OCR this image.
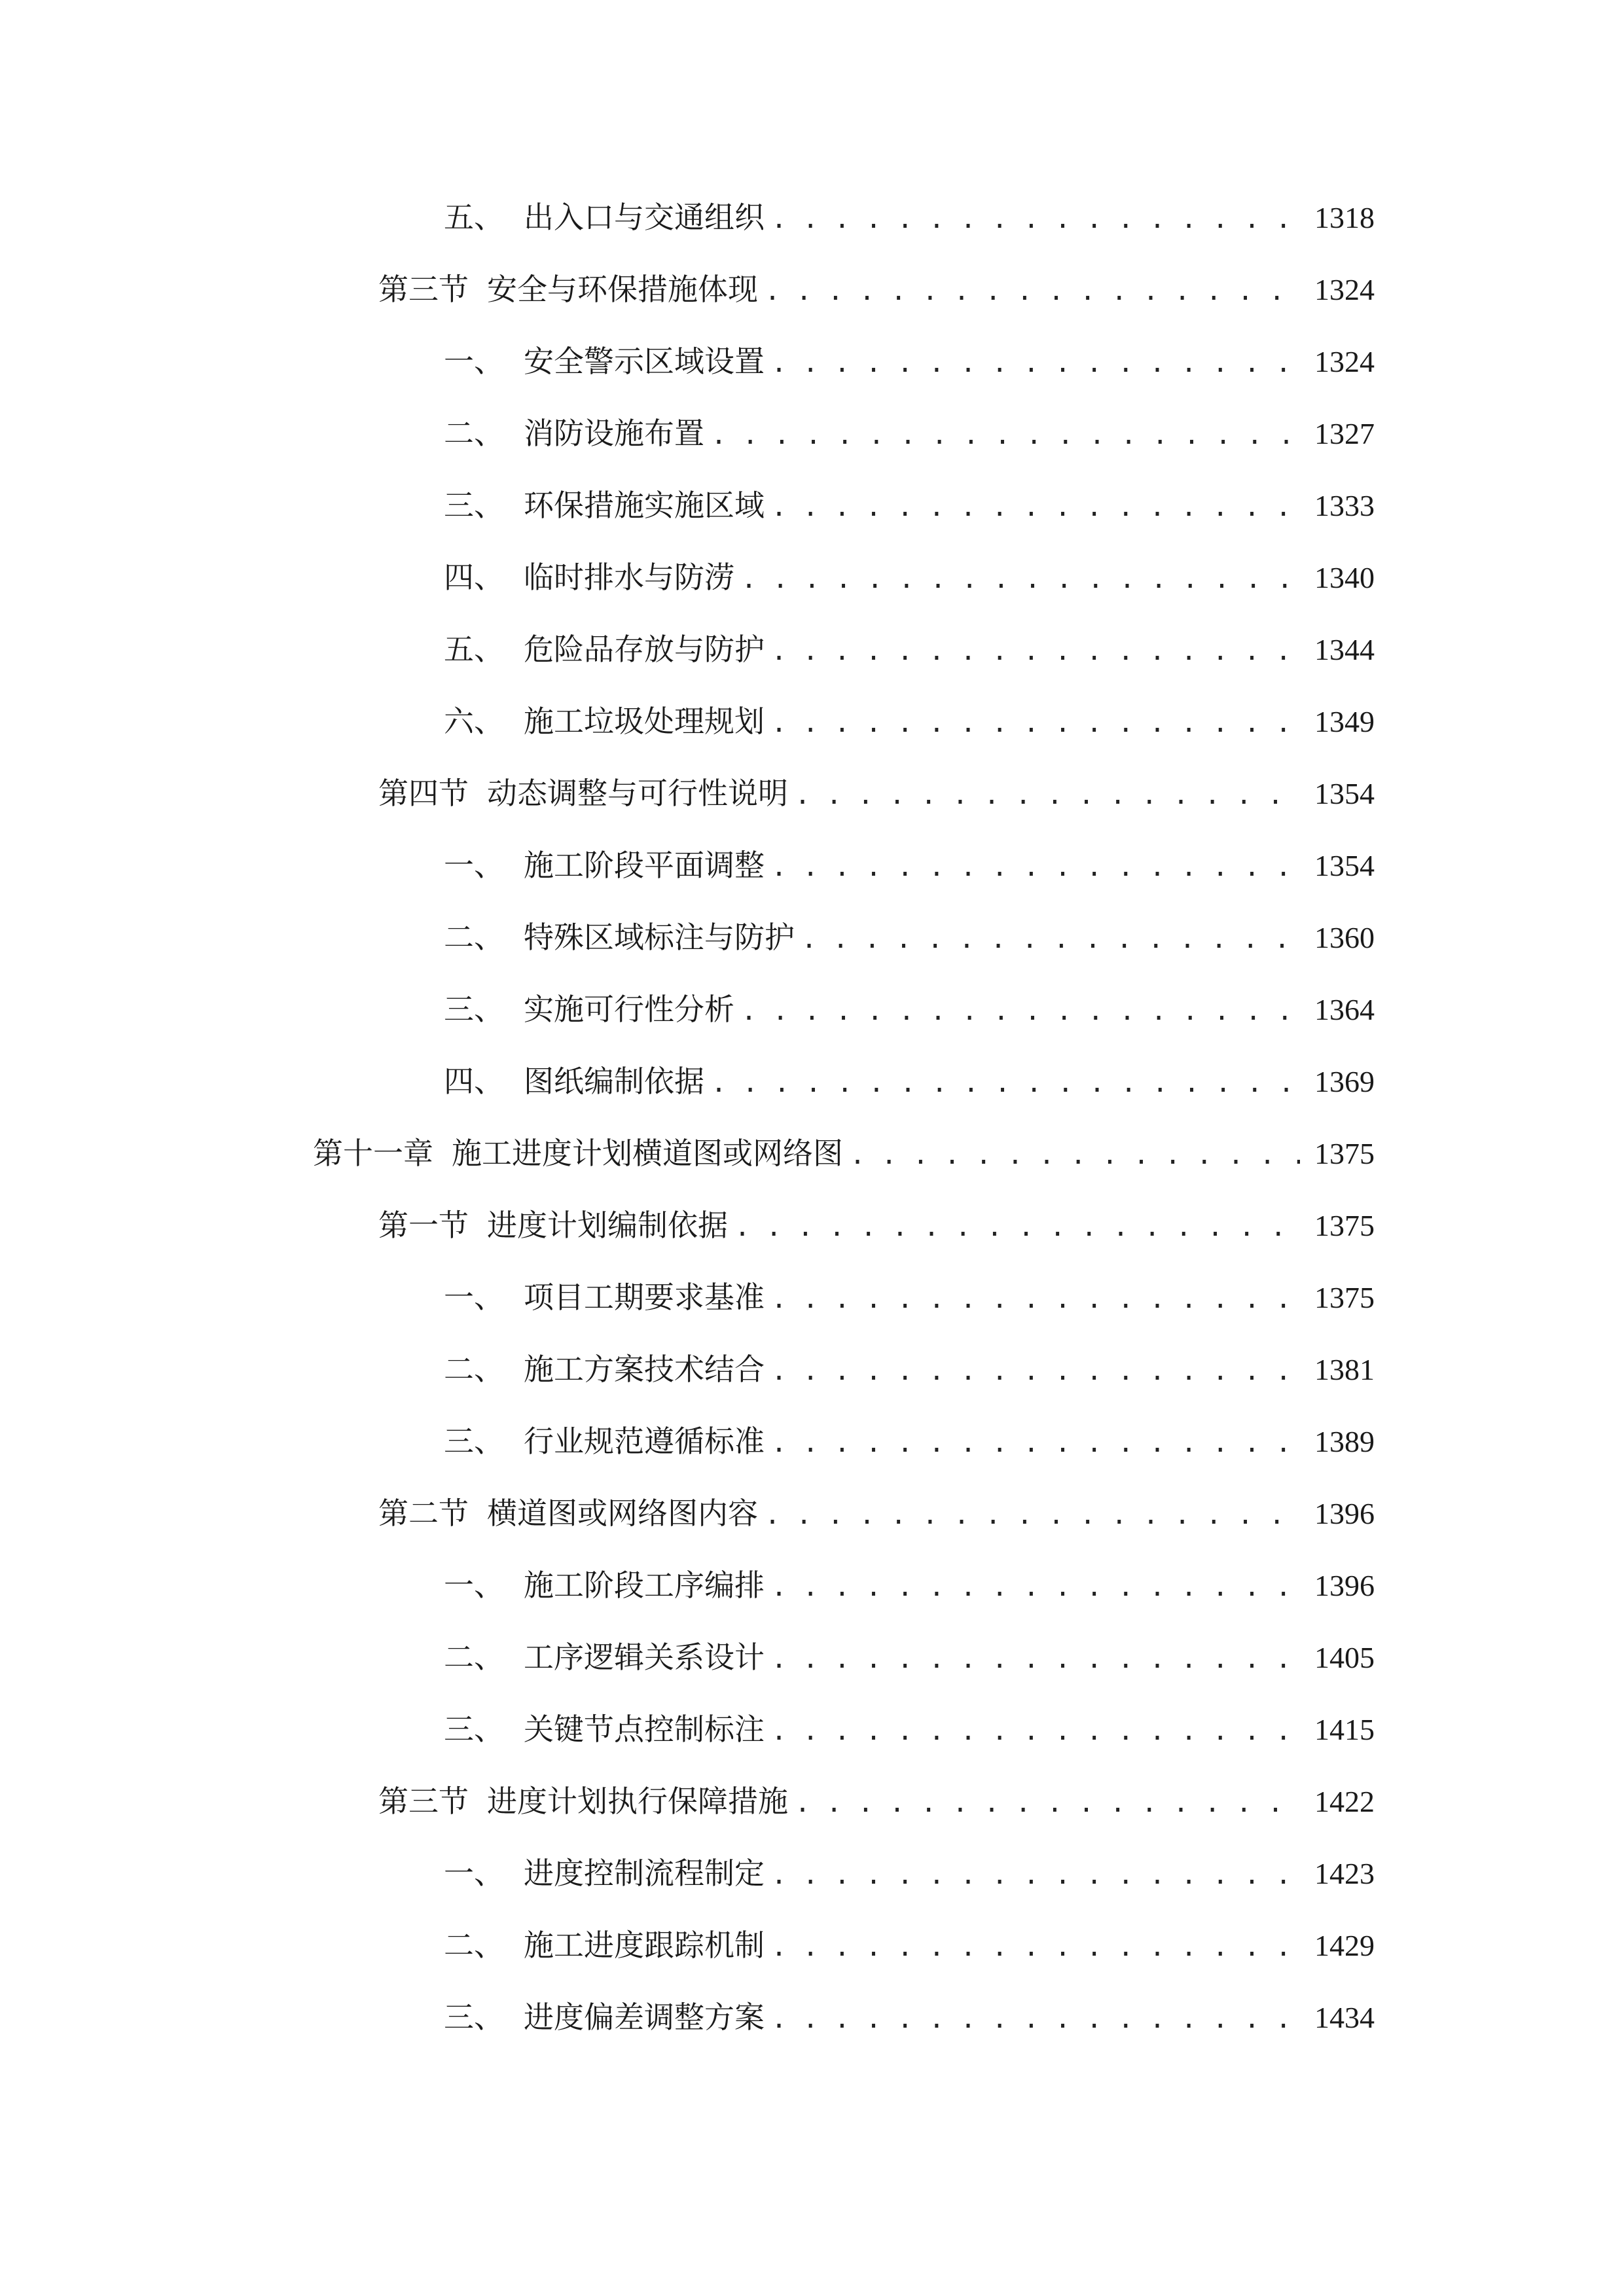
五、 出入口与交通组织 . . .	1318
第三节 安全与环保措施体现 . . .	1324
一、 安全警示区域设置 . . .	1324
二、 消防设施布置 . . .	1327
三、 环保措施实施区域 . . .	1333
四、 临时排水与防涝 . . .	1340
五、 危险品存放与防护 . . .	1344
六、 施工垃圾处理规划 . . .	1349
第四节 动态调整与可行性说明 . . .	1354
一、 施工阶段平面调整 . . .	1354
二、 特殊区域标注与防护 . . .	1360
三、 实施可行性分析 . . .	1364
四、 图纸编制依据 . . .	1369
第十一章 施工进度计划横道图或网络图 . . .	1375
第一节 进度计划编制依据 . . .	1375
一、 项目工期要求基准 . . .	1375
二、 施工方案技术结合 . . .	1381
三、 行业规范遵循标准 . . .	1389
第二节 横道图或网络图内容 . . .	1396
一、 施工阶段工序编排 . . .	1396
二、 工序逻辑关系设计 . . .	1405
三、 关键节点控制标注 . . .	1415
第三节 进度计划执行保障措施 . . .	1422
一、 进度控制流程制定 . . .	1423
二、 施工进度跟踪机制 . . .	1429
三、 进度偏差调整方案 . . .	1434
